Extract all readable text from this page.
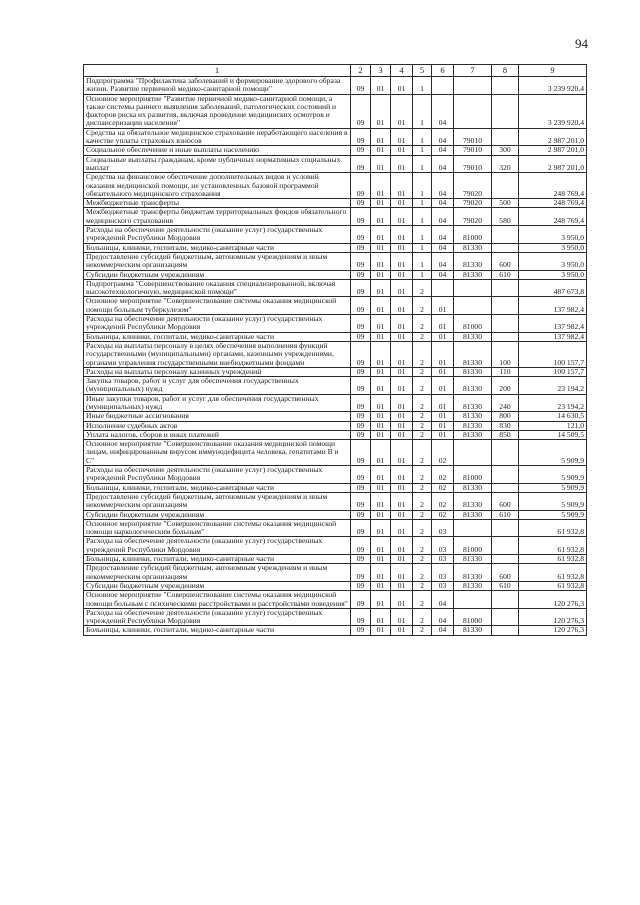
94
1	2	3	4	5	6	7	8	9
Подпрограмма "Профилактика заболеваний и формирование здорового образа жизни. Развитие первичной медико-санитарной помощи"	09	01	01	1				3 239 920,4
Основное мероприятие "Развитие первичной медико-санитарной помощи, а также системы раннего выявления заболеваний, патологических состояний и факторов риска их развития, включая проведение медицинских осмотров и диспансеризации населения"	09	01	01	1	04			3 239 920,4
Средства на обязательное медицинское страхование неработающего населения в качестве уплаты страховых взносов	09	01	01	1	04	79010		2 987 201,0
Социальное обеспечение и иные выплаты населению	09	01	01	1	04	79010	300	2 987 201,0
Социальные выплаты гражданам, кроме публичных нормативных социальных выплат	09	01	01	1	04	79010	320	2 987 201,0
Средства на финансовое обеспечение дополнительных видов и условий оказания медицинской помощи, не установленных базовой программой обязательного медицинского страхования	09	01	01	1	04	79020		248 769,4
Межбюджетные трансферты	09	01	01	1	04	79020	500	248 769,4
Межбюджетные трансферты бюджетам территориальных фондов обязательного медицинского страхования	09	01	01	1	04	79020	580	248 769,4
Расходы на обеспечение деятельности (оказание услуг) государственных учреждений Республики Мордовия	09	01	01	1	04	81000		3 950,0
Больницы, клиники, госпитали, медико-санитарные части	09	01	01	1	04	81330		3 950,0
Предоставление субсидий бюджетным, автономным учреждениям и иным некоммерческим организациям	09	01	01	1	04	81330	600	3 950,0
Субсидии бюджетным учреждениям	09	01	01	1	04	81330	610	3 950,0
Подпрограмма "Совершенствование оказания специализированной, включая высокотехнологичную, медицинской помощи"	09	01	01	2				487 673,8
Основное мероприятие "Совершенствование системы оказания медицинской помощи больным туберкулезом"	09	01	01	2	01			137 982,4
Расходы на обеспечение деятельности (оказание услуг) государственных учреждений Республики Мордовия	09	01	01	2	01	81000		137 982,4
Больницы, клиники, госпитали, медико-санитарные части	09	01	01	2	01	81330		137 982,4
Расходы на выплаты персоналу в целях обеспечения выполнения функций государственными (муниципальными) органами, казенными учреждениями, органами управления государственными внебюджетными фондами	09	01	01	2	01	81330	100	100 157,7
Расходы на выплаты персоналу казенных учреждений	09	01	01	2	01	81330	110	100 157,7
Закупка товаров, работ и услуг для обеспечения государственных (муниципальных) нужд	09	01	01	2	01	81330	200	23 194,2
Иные закупки товаров, работ и услуг для обеспечения государственных (муниципальных) нужд	09	01	01	2	01	81330	240	23 194,2
Иные бюджетные ассигнования	09	01	01	2	01	81330	800	14 630,5
Исполнение судебных актов	09	01	01	2	01	81330	830	121,0
Уплата налогов, сборов и иных платежей	09	01	01	2	01	81330	850	14 509,5
Основное мероприятие "Совершенствование оказания медицинской помощи лицам, инфицированным вирусом иммунодефицита человека, гепатитами В и С"	09	01	01	2	02			5 909,9
Расходы на обеспечение деятельности (оказание услуг) государственных учреждений Республики Мордовия	09	01	01	2	02	81000		5 909,9
Больницы, клиники, госпитали, медико-санитарные части	09	01	01	2	02	81330		5 909,9
Предоставление субсидий бюджетным, автономным учреждениям и иным некоммерческим организациям	09	01	01	2	02	81330	600	5 909,9
Субсидии бюджетным учреждениям	09	01	01	2	02	81330	610	5 909,9
Основное мероприятие "Совершенствование системы оказания медицинской помощи наркологическим больным"	09	01	01	2	03			61 932,8
Расходы на обеспечение деятельности (оказание услуг) государственных учреждений Республики Мордовия	09	01	01	2	03	81000		61 932,8
Больницы, клиники, госпитали, медико-санитарные части	09	01	01	2	03	81330		61 932,8
Предоставление субсидий бюджетным, автономным учреждениям и иным некоммерческим организациям	09	01	01	2	03	81330	600	61 932,8
Субсидии бюджетным учреждениям	09	01	01	2	03	81330	610	61 932,8
Основное мероприятие "Совершенствование системы оказания медицинской помощи больным с психическими расстройствами и расстройствами поведения"	09	01	01	2	04			120 276,3
Расходы на обеспечение деятельности (оказание услуг) государственных учреждений Республики Мордовия	09	01	01	2	04	81000		120 276,3
Больницы, клиники, госпитали, медико-санитарные части	09	01	01	2	04	81330		120 276,3
